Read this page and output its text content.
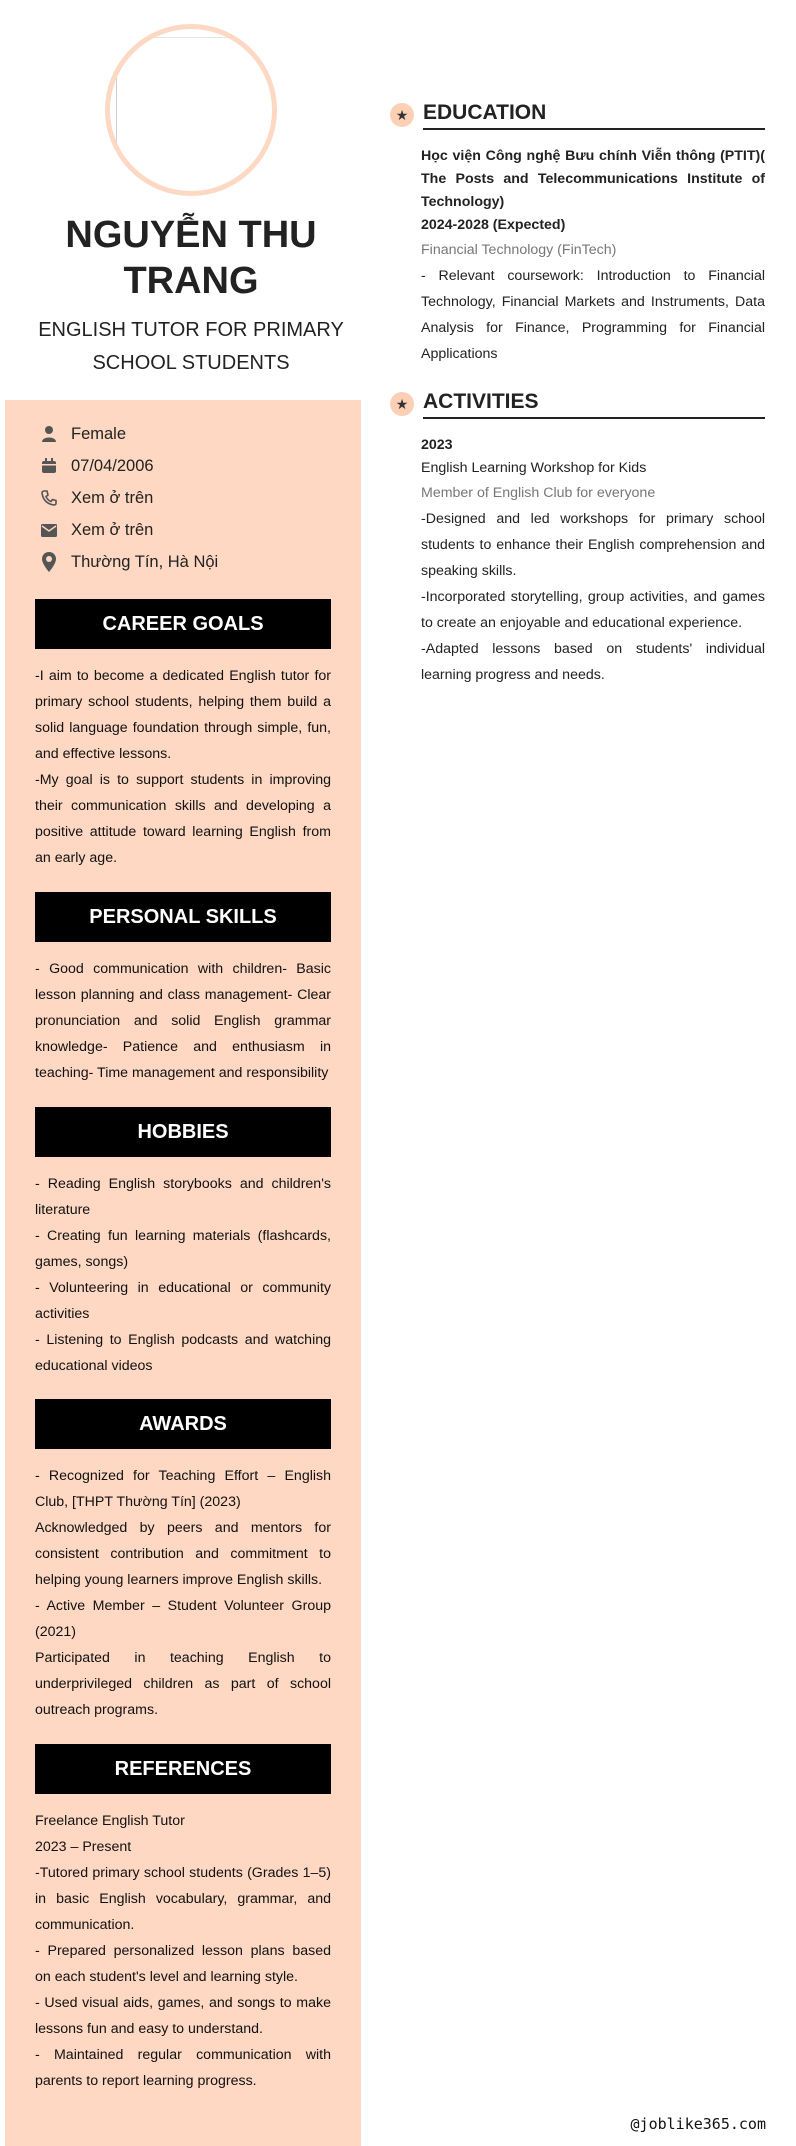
NGUYỄN THU TRANG
ENGLISH TUTOR FOR PRIMARY SCHOOL STUDENTS
Female
07/04/2006
Xem ở trên
Xem ở trên
Thường Tín, Hà Nội
CAREER GOALS

-I aim to become a dedicated English tutor for primary school students, helping them build a solid language foundation through simple, fun, and effective lessons.

-My goal is to support students in improving their communication skills and developing a positive attitude toward learning English from an early age.

PERSONAL SKILLS

- Good communication with children- Basic lesson planning and class management- Clear pronunciation and solid English grammar knowledge- Patience and enthusiasm in teaching- Time management and responsibility

HOBBIES

- Reading English storybooks and children's literature

- Creating fun learning materials (flashcards, games, songs)

- Volunteering in educational or community activities

- Listening to English podcasts and watching educational videos

AWARDS

- Recognized for Teaching Effort – English Club, [THPT Thường Tín] (2023)

Acknowledged by peers and mentors for consistent contribution and commitment to helping young learners improve English skills.

- Active Member – Student Volunteer Group (2021)

Participated in teaching English to underprivileged children as part of school outreach programs.

REFERENCES

Freelance English Tutor

2023 – Present

-Tutored primary school students (Grades 1–5) in basic English vocabulary, grammar, and communication.

- Prepared personalized lesson plans based on each student's level and learning style.

- Used visual aids, games, and songs to make lessons fun and easy to understand.

- Maintained regular communication with parents to report learning progress.

★ EDUCATION

Học viện Công nghệ Bưu chính Viễn thông (PTIT)( The Posts and Telecommunications Institute of Technology)

2024-2028 (Expected)

Financial Technology (FinTech)

- Relevant coursework: Introduction to Financial Technology, Financial Markets and Instruments, Data Analysis for Finance, Programming for Financial Applications

★ ACTIVITIES

2023

English Learning Workshop for Kids

Member of English Club for everyone

-Designed and led workshops for primary school students to enhance their English comprehension and speaking skills.

-Incorporated storytelling, group activities, and games to create an enjoyable and educational experience.

-Adapted lessons based on students' individual learning progress and needs.

@joblike365.com
